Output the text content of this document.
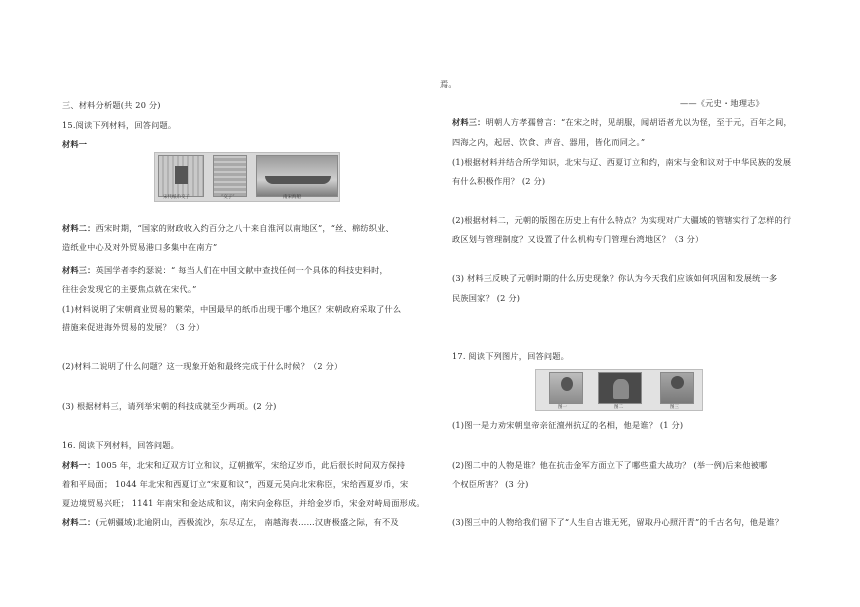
三、材料分析题(共 20 分)
15.阅读下列材料，回答问题。
材料一
宋代纸币交子	“交子”	南宋海船
材料二：西宋时期，“国家的财政收入约百分之八十来自淮河以南地区”，“丝、棉纺织业、
造纸业中心及对外贸易港口多集中在南方”
材料三：英国学者李约瑟说：“ 每当人们在中国文献中查找任何一个具体的科技史料时，
往往会发现它的主要焦点就在宋代。”
(1)材料说明了宋朝商业贸易的繁荣，中国最早的纸币出现于哪个地区？宋朝政府采取了什么
措施来促进海外贸易的发展？（3 分）
(2)材料二说明了什么问题？这一现象开始和最终完成于什么时候？（2 分）
(3) 根据材料三，请列举宋朝的科技成就至少两项。(2 分)
16. 阅读下列材料，回答问题。
材料一：1005 年，北宋和辽双方订立和议，辽朝撤军，宋给辽岁币，此后很长时间双方保持
着和平局面； 1044 年北宋和西夏订立“宋夏和议”，西夏元昊向北宋称臣，宋给西夏岁币，宋
夏边境贸易兴旺； 1141 年南宋和金达成和议，南宋向金称臣，并给金岁币，宋金对峙局面形成。
材料二：(元朝疆域)北逾阴山，西极流沙，东尽辽左， 南越海表……汉唐极盛之际，有不及
焉。
——《元史・地理志》
材料三：明朝人方孝孺曾言：“在宋之时，见胡服，闻胡语者尤以为怪，至于元，百年之间，
四海之内，起居、饮食、声音、器用，皆化而同之。”
(1)根据材料并结合所学知识，北宋与辽、西夏订立和约，南宋与金和议对于中华民族的发展
有什么积极作用？ (2 分)
(2)根据材料二，元朝的版图在历史上有什么特点？为实现对广大疆域的管辖实行了怎样的行
政区划与管理制度？又设置了什么机构专门管理台湾地区？（3 分）
(3) 材料三反映了元朝时期的什么历史现象？你认为今天我们应该如何巩固和发展统一多
民族国家？ (2 分)
17. 阅读下列图片，回答问题。
图一	图二	图三
(1)图一是力劝宋朝皇帝亲征澶州抗辽的名相，他是谁？ (1 分)
(2)图二中的人物是谁？他在抗击金军方面立下了哪些重大战功？ (举一例)后来他被哪
个权臣所害？ (3 分)
(3)图三中的人物给我们留下了“人生自古谁无死，留取丹心照汗青”的千古名句，他是谁？
